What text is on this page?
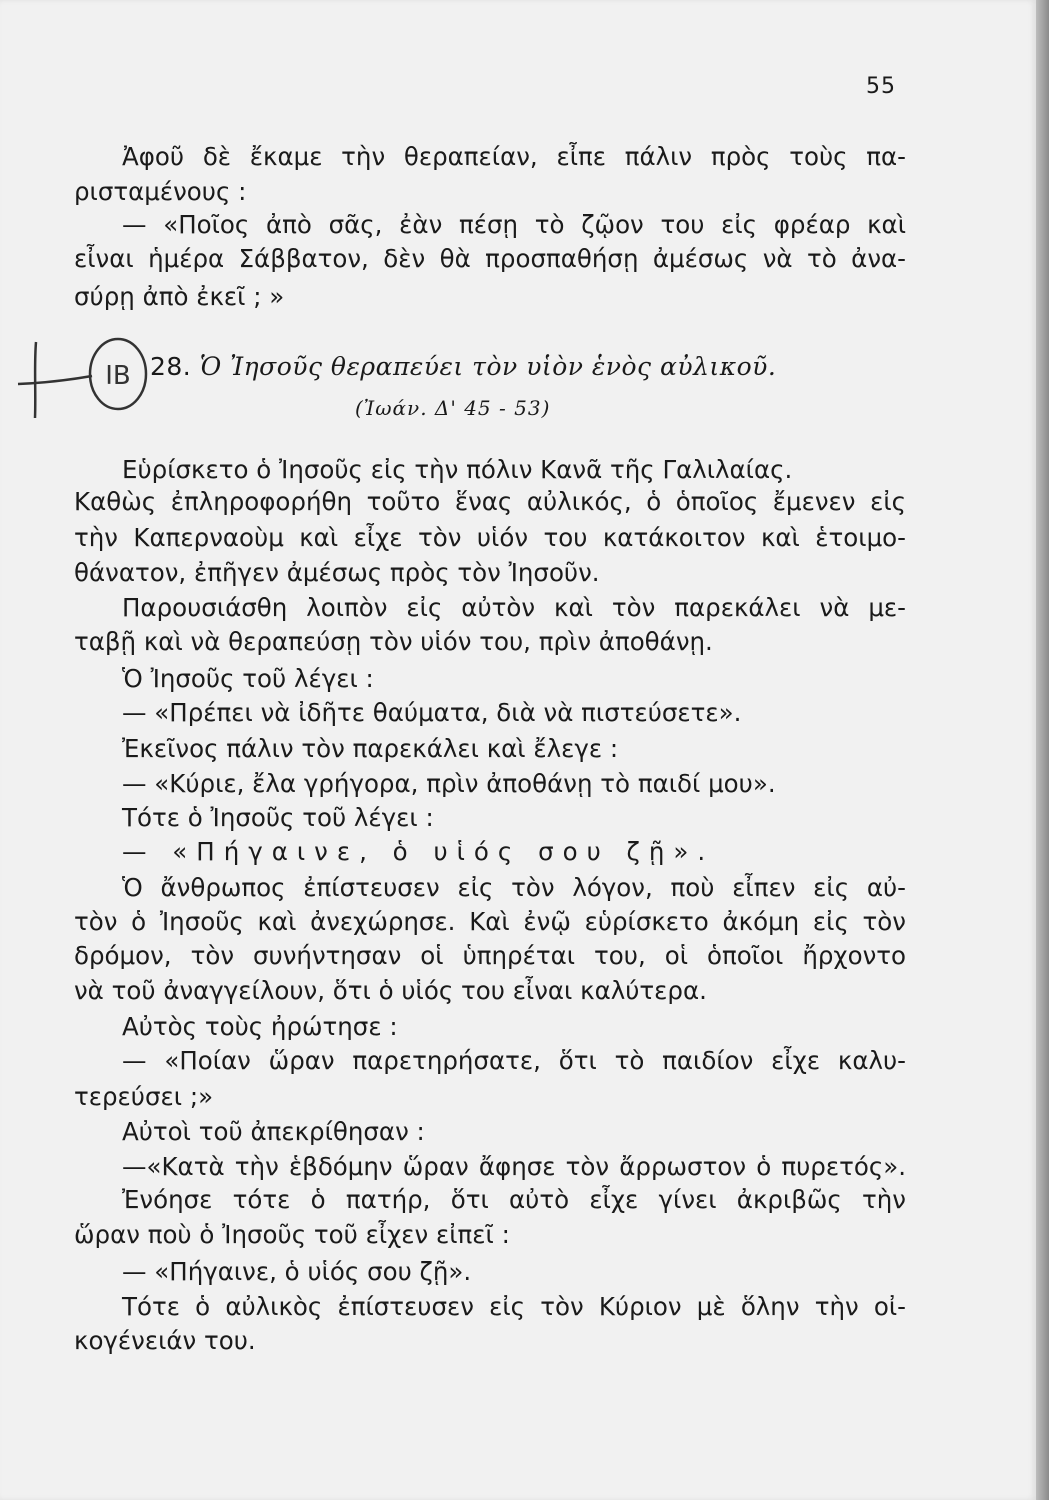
55
Ἀφοῦ δὲ ἔκαμε τὴν θεραπείαν, εἶπε πάλιν πρὸς τοὺς πα-
ρισταμένους :
— «Ποῖος ἀπὸ σᾶς, ἐὰν πέσῃ τὸ ζῷον του εἰς φρέαρ καὶ
εἶναι ἡμέρα Σάββατον, δὲν θὰ προσπαθήσῃ ἀμέσως νὰ τὸ ἀνα-
σύρῃ ἀπὸ ἐκεῖ ; »
ΙΒ 28. Ὁ Ἰησοῦς θεραπεύει τὸν υἱὸν ἑνὸς αὐλικοῦ.
(Ἰωάν. Δ' 45 - 53)
Εὑρίσκετο ὁ Ἰησοῦς εἰς τὴν πόλιν Κανᾶ τῆς Γαλιλαίας.
Καθὼς ἐπληροφορήθη τοῦτο ἕνας αὐλικός, ὁ ὁποῖος ἔμενεν εἰς
τὴν Καπερναοὺμ καὶ εἶχε τὸν υἱόν του κατάκοιτον καὶ ἑτοιμο-
θάνατον, ἐπῆγεν ἀμέσως πρὸς τὸν Ἰησοῦν.
Παρουσιάσθη λοιπὸν εἰς αὐτὸν καὶ τὸν παρεκάλει νὰ με-
ταβῇ καὶ νὰ θεραπεύσῃ τὸν υἱόν του, πρὶν ἀποθάνῃ.
Ὁ Ἰησοῦς τοῦ λέγει :
— «Πρέπει νὰ ἰδῆτε θαύματα, διὰ νὰ πιστεύσετε».
Ἐκεῖνος πάλιν τὸν παρεκάλει καὶ ἔλεγε :
— «Κύριε, ἔλα γρήγορα, πρὶν ἀποθάνῃ τὸ παιδί μου».
Τότε ὁ Ἰησοῦς τοῦ λέγει :
— «Πήγαινε, ὁ υἱός σου ζῇ».
Ὁ ἄνθρωπος ἐπίστευσεν εἰς τὸν λόγον, ποὺ εἶπεν εἰς αὐ-
τὸν ὁ Ἰησοῦς καὶ ἀνεχώρησε. Καὶ ἐνῷ εὑρίσκετο ἀκόμη εἰς τὸν
δρόμον, τὸν συνήντησαν οἱ ὑπηρέται του, οἱ ὁποῖοι ἤρχοντο
νὰ τοῦ ἀναγγείλουν, ὅτι ὁ υἱός του εἶναι καλύτερα.
Αὐτὸς τοὺς ἠρώτησε :
— «Ποίαν ὥραν παρετηρήσατε, ὅτι τὸ παιδίον εἶχε καλυ-
τερεύσει ;»
Αὐτοὶ τοῦ ἀπεκρίθησαν :
—«Κατὰ τὴν ἑβδόμην ὥραν ἄφησε τὸν ἄρρωστον ὁ πυρετός».
Ἐνόησε τότε ὁ πατήρ, ὅτι αὐτὸ εἶχε γίνει ἀκριβῶς τὴν
ὥραν ποὺ ὁ Ἰησοῦς τοῦ εἶχεν εἰπεῖ :
— «Πήγαινε, ὁ υἱός σου ζῇ».
Τότε ὁ αὐλικὸς ἐπίστευσεν εἰς τὸν Κύριον μὲ ὅλην τὴν οἰ-
κογένειάν του.
